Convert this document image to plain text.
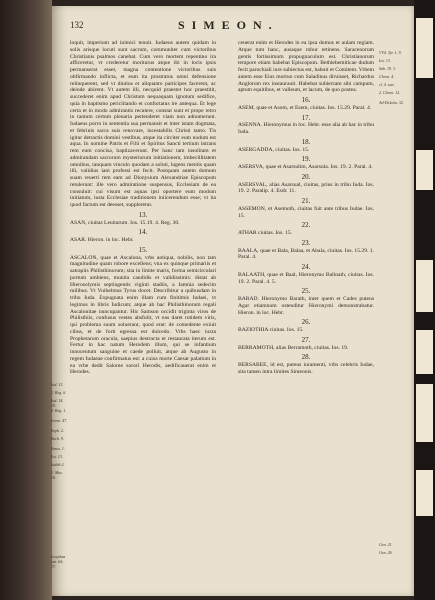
132	SIMEON.

loquit, imperium ad inimici tenuit. Iudaeus autem quidam in solis arisque locuti sunt sacrum, communiter cum victoribus Christianis psalmos canebat. Cum vero mortem repentino ira afficeretur, vt crederetur moriturus atque ibi in locis ipsis permanserat esset, magna contentione victoribus suis obfirmando inflicta, et eum ita prostratus omni defensione relinquerent, sed vt diutius et aliquanto participes facerent, ac deinde abirent. Vt autem illi, necquid praestet hoc praestitit, succederet enim apud Christum nequaquam ignotum sedifice, quia in baptismo periclitando et confortatus ire antequa. Et lege certa et in modo admirantis recutere, constat sunt et prope retro in tantum certum plenaria pertenderet viam non adnumerunt. Iudaeus porro in sententia sua permansit et inter istam dogmata, et febrinis sacra suis renovare, incestabilis Christi tanto. Tis igitur detractis domini vestibus, atque ita circiter eum nudum est aqua. In nomine Patris et Filii et Spiritus Sancti tertium intrans rem eum concisa, baptizaverunt. Per hanc tam insolitam et admirandam sacrorum mysteriorum initiationem, imbecillitatem omnibus, tanquam vinculo quodam a soluti, lugens mentis quam illi, validius iam professi est fecit. Postquam autem domum suam reuerti rem eam ad Dionysium Alexandriae Episcopum retulerunt: ille vero admiratione suspensus, Ecclesiam de ea consuluit: cui visum est aquas ipsi oportere eum modum initiatum, iusta Ecclesiae traditionem iniicerendum esse; vt ita quod factum est deesset, suppleretur.

13.

ASAN, ciuitas Leuitarum. Ios. 15.19. 4. Reg. 30.

14.

ASAR. Hieron. in loc. Hebr.

15.

ASCALON, quae et Ascalona, vrbs antiqua, nobilis, non tam magnitudine quam robore excellens; vna ex quinque primariis et satrapiis Philisthinorum; sita in limite maris, forma semicirculari portum ambiens, munita candidis et validissimis: distat ab Hierosolymis septingentis viginti stadiis, a Iamnia sedecim milibus. Vt Vuihelmus Tyrus docet. Describitur a quibusdam in tribu Iuda. Expugnata enim illam cum finitimis Iudaei, vt legimus in libris Iudicum; atque ab hac Philisthinorum regali Ascalonitae nuncupantur. Hic Samson occidit triginta viros de Philisthiis, confusus vestes absfulit, vt eas daret totidem viris, qui problema suum soluerant, quod erat: de comedente exiuit cibus, et de forti egressa est dulcedo. Vrbs haec iuxta Prophetarum oracula, saepius destructa et restaurata iterum est. Fertur in hac natum Herodem illum, qui se infantium innocentum sanguine et caede polluit, atque ab Augusto in regem Iudaeae confirmatus est: a cuius morte Caesar palatium in ea vrbe dedit Salome sorori Herodis, aedificauerat enim et Herodes.

ceuerat enim et Herodes in ea ipsa domus et aulam regiam. Atque tum hanc, ausaque robur retinens. Saracenorum gentis fortissimum propugnaculum est. Christianorum tempore etiam habebat Episcopum. Bethlehemiticae dudum fecit parochiali iure subiectus est, habuit et Comitem. Vrbem autem esse Eius mortuo cum Saladinus diruisset, Richardus Anglorum rex instaurauit. Habebat subiectam sibi campum, aptum equitibus, et valleum, et lacum, de quo postea.

16.

ASEM, quae et Asom, et Esem, ciuitas. Ios. 15.29. Paral. 4.

17.

ASENNA. Hieronymus in loc. Hebr. esse alia ab hac in tribu Iuda.

18.

ASERGADDA, ciuitas. Ios. 15.

19.

ASERSVA, quae et Asarsulim, Asarsula. Ios. 19. 2. Paral. 4.

20.

ASERSVAL, alias Asarsual, ciuitas, prius in tribu Iuda. Ios. 19. 2. Paralip. 4. Esdr. 11.

21.

ASSEMON, et Asemoth, ciuitas fuit ante tribus Iudae. Ios. 15.

22.

ATHAR ciuitas. Ios. 15.

23.

BAALA, quae et Bala, Balaa, et Abala, ciuitas. Ios. 15.29. 1. Paral. 4.

24.

BALAATH, quae et Baal, Hieronymo Balloath, ciuitas. Ios. 19. 2. Paral. 4. 5.

25.

BARAD. Hieronymo Barath, inter quem et Cades puteus Agar etiamnum ostenditur Hieronymi demonstrabatur. Hieron. in loc. Hebr.

26.

BAZIOTHIA ciuitas. Ios. 15.

27.

BERRAMOTH, alias Berramoth, ciuitas. Ios. 19.

28.

BERSABEE, id est, puteus iuramenti, vrbs celebris Iudae, sita tamen intra limites Simeonis.

Iud. 13.
1. Reg. 6.
Iud. 14. 19.
2. Reg. 1.
Ierem. 47.
Soph. 2.
Zach. 9.
Amos. 1.
Ios. 13.
Iudith 2.
1. Mac. 10.
Iosephus ant. lib. 17.
VVil. Tyr. 1. 9.
Ios. 13.
Sab. 19. 3.
Chron. 4.
cl. 4. sun.
2. Chron. 12.
Ad-Delaita. 32.
Gen. 21.
Gen. 26.
